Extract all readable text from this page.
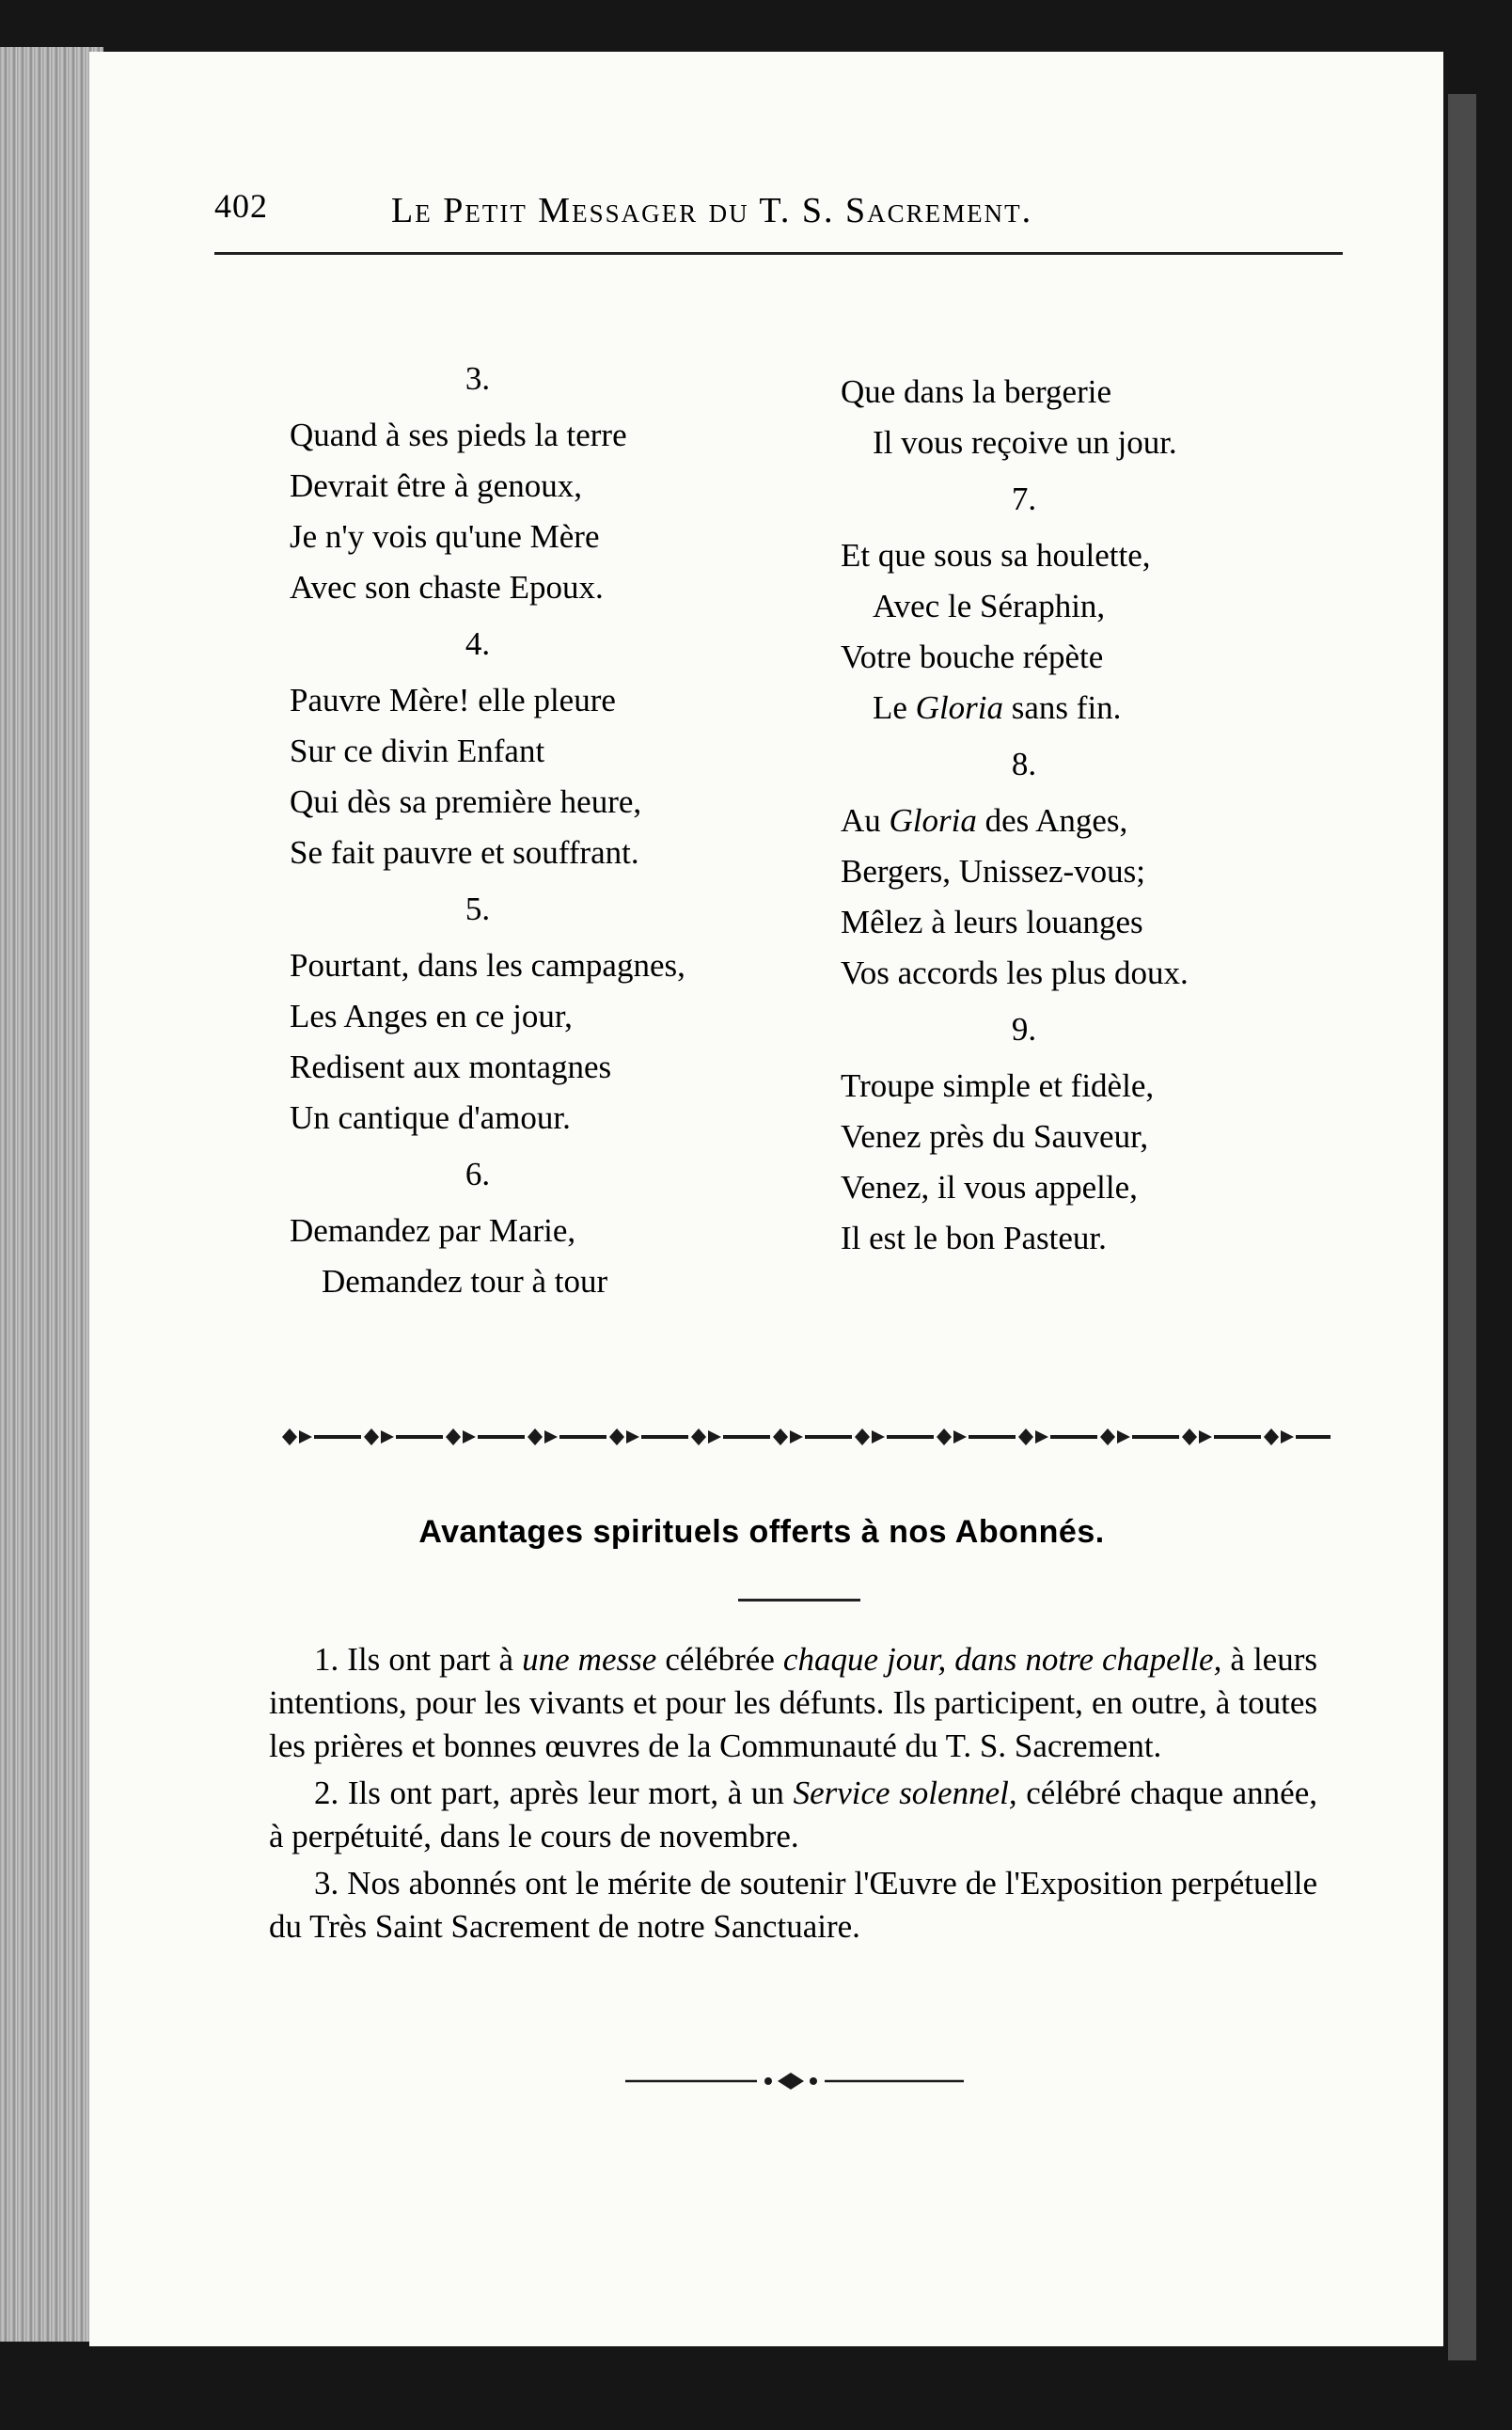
402	Le Petit Messager du T. S. Sacrement.
3.
Quand à ses pieds la terre
Devrait être à genoux,
Je n'y vois qu'une Mère
Avec son chaste Epoux.
4.
Pauvre Mère! elle pleure
Sur ce divin Enfant
Qui dès sa première heure,
Se fait pauvre et souffrant.
5.
Pourtant, dans les campagnes,
Les Anges en ce jour,
Redisent aux montagnes
Un cantique d'amour.
6.
Demandez par Marie,
Demandez tour à tour
Que dans la bergerie
Il vous reçoive un jour.
7.
Et que sous sa houlette,
Avec le Séraphin,
Votre bouche répète
Le Gloria sans fin.
8.
Au Gloria des Anges,
Bergers, Unissez-vous;
Mêlez à leurs louanges
Vos accords les plus doux.
9.
Troupe simple et fidèle,
Venez près du Sauveur,
Venez, il vous appelle,
Il est le bon Pasteur.
Avantages spirituels offerts à nos Abonnés.

1. Ils ont part à une messe célébrée chaque jour, dans notre chapelle, à leurs intentions, pour les vivants et pour les défunts. Ils participent, en outre, à toutes les prières et bonnes œuvres de la Communauté du T. S. Sacrement.

2. Ils ont part, après leur mort, à un Service solennel, célébré chaque année, à perpétuité, dans le cours de novembre.

3. Nos abonnés ont le mérite de soutenir l'Œuvre de l'Exposition perpétuelle du Très Saint Sacrement de notre Sanctuaire.
